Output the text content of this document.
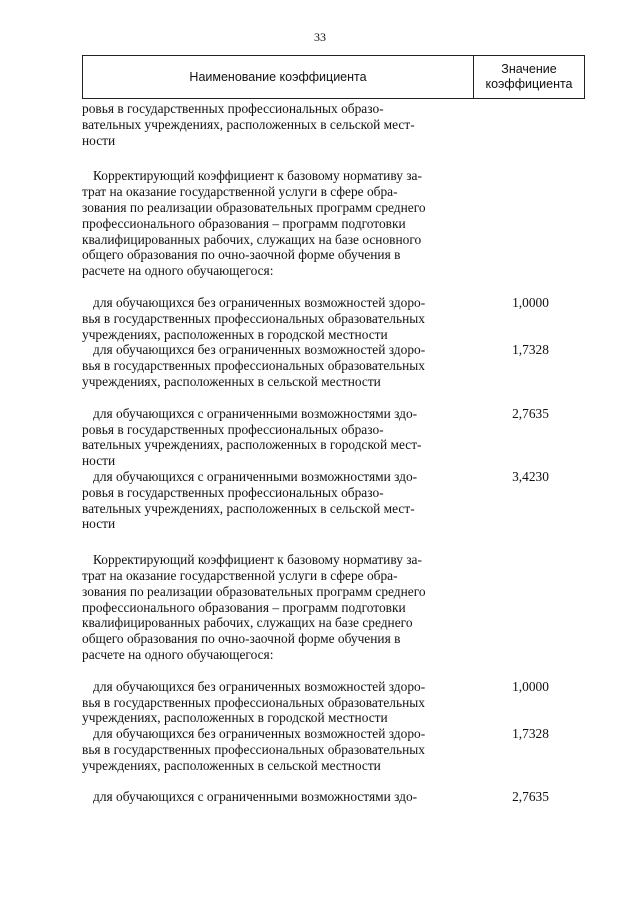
33
Наименование коэффициента
Значение
коэффициента
ровья в государственных профессиональных образо-
вательных учреждениях, расположенных в сельской мест-
ности
Корректирующий коэффициент к базовому нормативу за-
трат на оказание государственной услуги в сфере обра-
зования по реализации образовательных программ среднего
профессионального образования – программ подготовки
квалифицированных рабочих, служащих на базе основного
общего образования по очно-заочной форме обучения в
расчете на одного обучающегося:
для обучающихся без ограниченных возможностей здоро-
вья в государственных профессиональных образовательных
учреждениях, расположенных в городской местности
1,0000
для обучающихся без ограниченных возможностей здоро-
вья в государственных профессиональных образовательных
учреждениях, расположенных в сельской местности
1,7328
для обучающихся с ограниченными возможностями здо-
ровья в государственных профессиональных образо-
вательных учреждениях, расположенных в городской мест-
ности
2,7635
для обучающихся с ограниченными возможностями здо-
ровья в государственных профессиональных образо-
вательных учреждениях, расположенных в сельской мест-
ности
3,4230
Корректирующий коэффициент к базовому нормативу за-
трат на оказание государственной услуги в сфере обра-
зования по реализации образовательных программ среднего
профессионального образования – программ подготовки
квалифицированных рабочих, служащих на базе среднего
общего образования по очно-заочной форме обучения в
расчете на одного обучающегося:
для обучающихся без ограниченных возможностей здоро-
вья в государственных профессиональных образовательных
учреждениях, расположенных в городской местности
1,0000
для обучающихся без ограниченных возможностей здоро-
вья в государственных профессиональных образовательных
учреждениях, расположенных в сельской местности
1,7328
для обучающихся с ограниченными возможностями здо-	2,7635
